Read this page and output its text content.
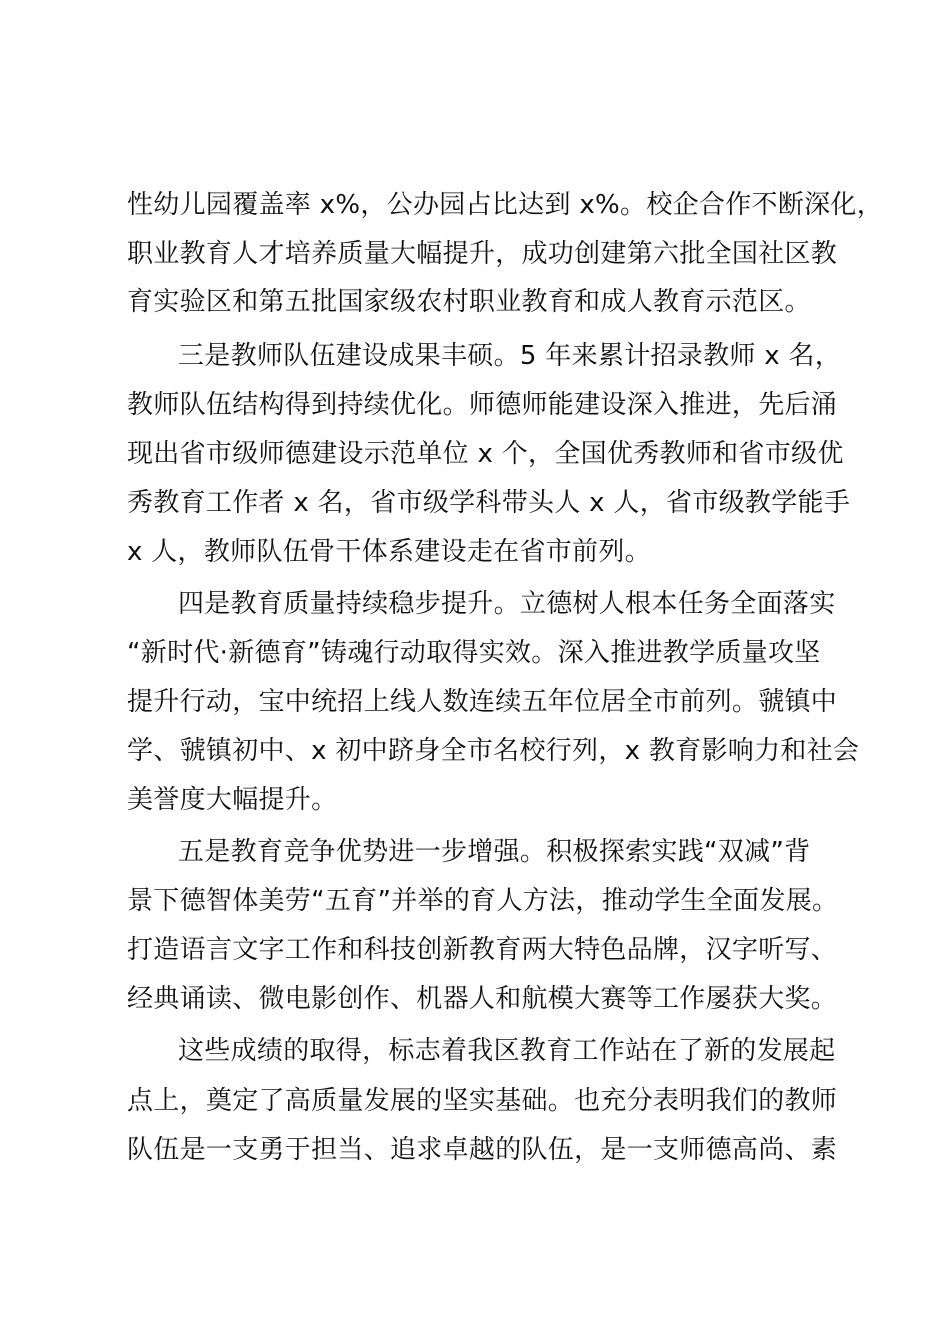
性幼儿园覆盖率 x%，公办园占比达到 x%。校企合作不断深化，
职业教育人才培养质量大幅提升，成功创建第六批全国社区教
育实验区和第五批国家级农村职业教育和成人教育示范区。
三是教师队伍建设成果丰硕。5 年来累计招录教师 x 名，
教师队伍结构得到持续优化。师德师能建设深入推进，先后涌
现出省市级师德建设示范单位 x 个，全国优秀教师和省市级优
秀教育工作者 x 名，省市级学科带头人 x 人，省市级教学能手
x 人，教师队伍骨干体系建设走在省市前列。
四是教育质量持续稳步提升。立德树人根本任务全面落实
“新时代·新德育”铸魂行动取得实效。深入推进教学质量攻坚
提升行动，宝中统招上线人数连续五年位居全市前列。虢镇中
学、虢镇初中、x 初中跻身全市名校行列，x 教育影响力和社会
美誉度大幅提升。
五是教育竞争优势进一步增强。积极探索实践“双减”背
景下德智体美劳“五育”并举的育人方法，推动学生全面发展。
打造语言文字工作和科技创新教育两大特色品牌，汉字听写、
经典诵读、微电影创作、机器人和航模大赛等工作屡获大奖。
这些成绩的取得，标志着我区教育工作站在了新的发展起
点上，奠定了高质量发展的坚实基础。也充分表明我们的教师
队伍是一支勇于担当、追求卓越的队伍，是一支师德高尚、素
